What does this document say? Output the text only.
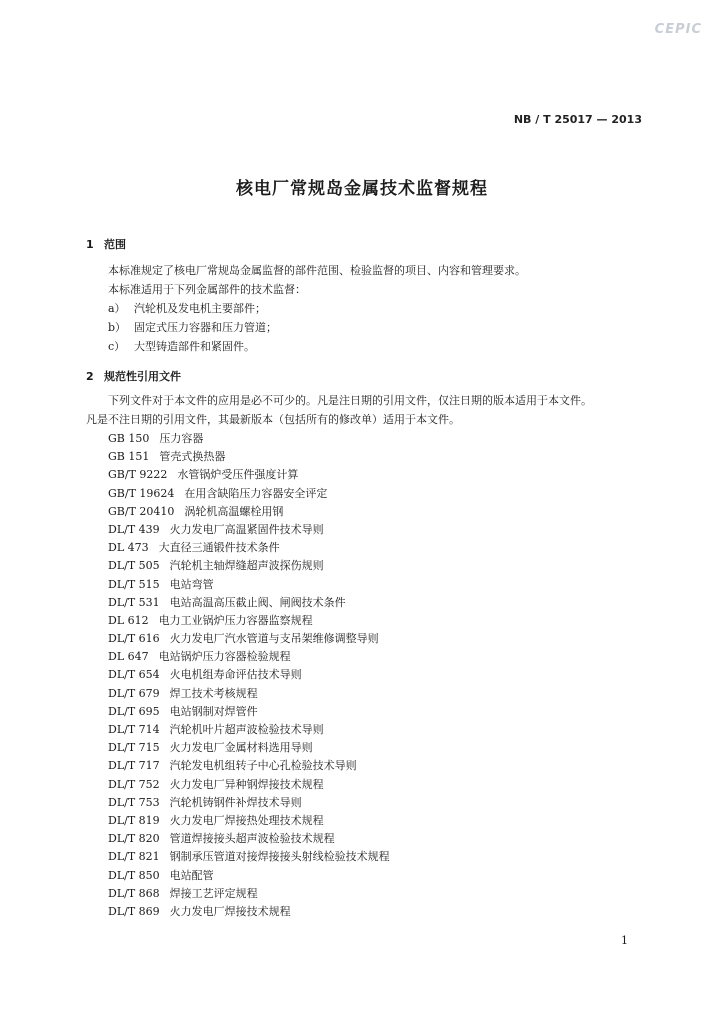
CEPIC
NB / T 25017 — 2013
核电厂常规岛金属技术监督规程
1 范围
本标准规定了核电厂常规岛金属监督的部件范围、检验监督的项目、内容和管理要求。
本标准适用于下列金属部件的技术监督：
a） 汽轮机及发电机主要部件；
b） 固定式压力容器和压力管道；
c） 大型铸造部件和紧固件。
2 规范性引用文件
下列文件对于本文件的应用是必不可少的。凡是注日期的引用文件，仅注日期的版本适用于本文件。
凡是不注日期的引用文件，其最新版本（包括所有的修改单）适用于本文件。
GB 150 压力容器
GB 151 管壳式换热器
GB/T 9222 水管锅炉受压件强度计算
GB/T 19624 在用含缺陷压力容器安全评定
GB/T 20410 涡轮机高温螺栓用钢
DL/T 439 火力发电厂高温紧固件技术导则
DL 473 大直径三通锻件技术条件
DL/T 505 汽轮机主轴焊缝超声波探伤规则
DL/T 515 电站弯管
DL/T 531 电站高温高压截止阀、闸阀技术条件
DL 612 电力工业锅炉压力容器监察规程
DL/T 616 火力发电厂汽水管道与支吊架维修调整导则
DL 647 电站锅炉压力容器检验规程
DL/T 654 火电机组寿命评估技术导则
DL/T 679 焊工技术考核规程
DL/T 695 电站钢制对焊管件
DL/T 714 汽轮机叶片超声波检验技术导则
DL/T 715 火力发电厂金属材料选用导则
DL/T 717 汽轮发电机组转子中心孔检验技术导则
DL/T 752 火力发电厂异种钢焊接技术规程
DL/T 753 汽轮机铸钢件补焊技术导则
DL/T 819 火力发电厂焊接热处理技术规程
DL/T 820 管道焊接接头超声波检验技术规程
DL/T 821 钢制承压管道对接焊接接头射线检验技术规程
DL/T 850 电站配管
DL/T 868 焊接工艺评定规程
DL/T 869 火力发电厂焊接技术规程
1
